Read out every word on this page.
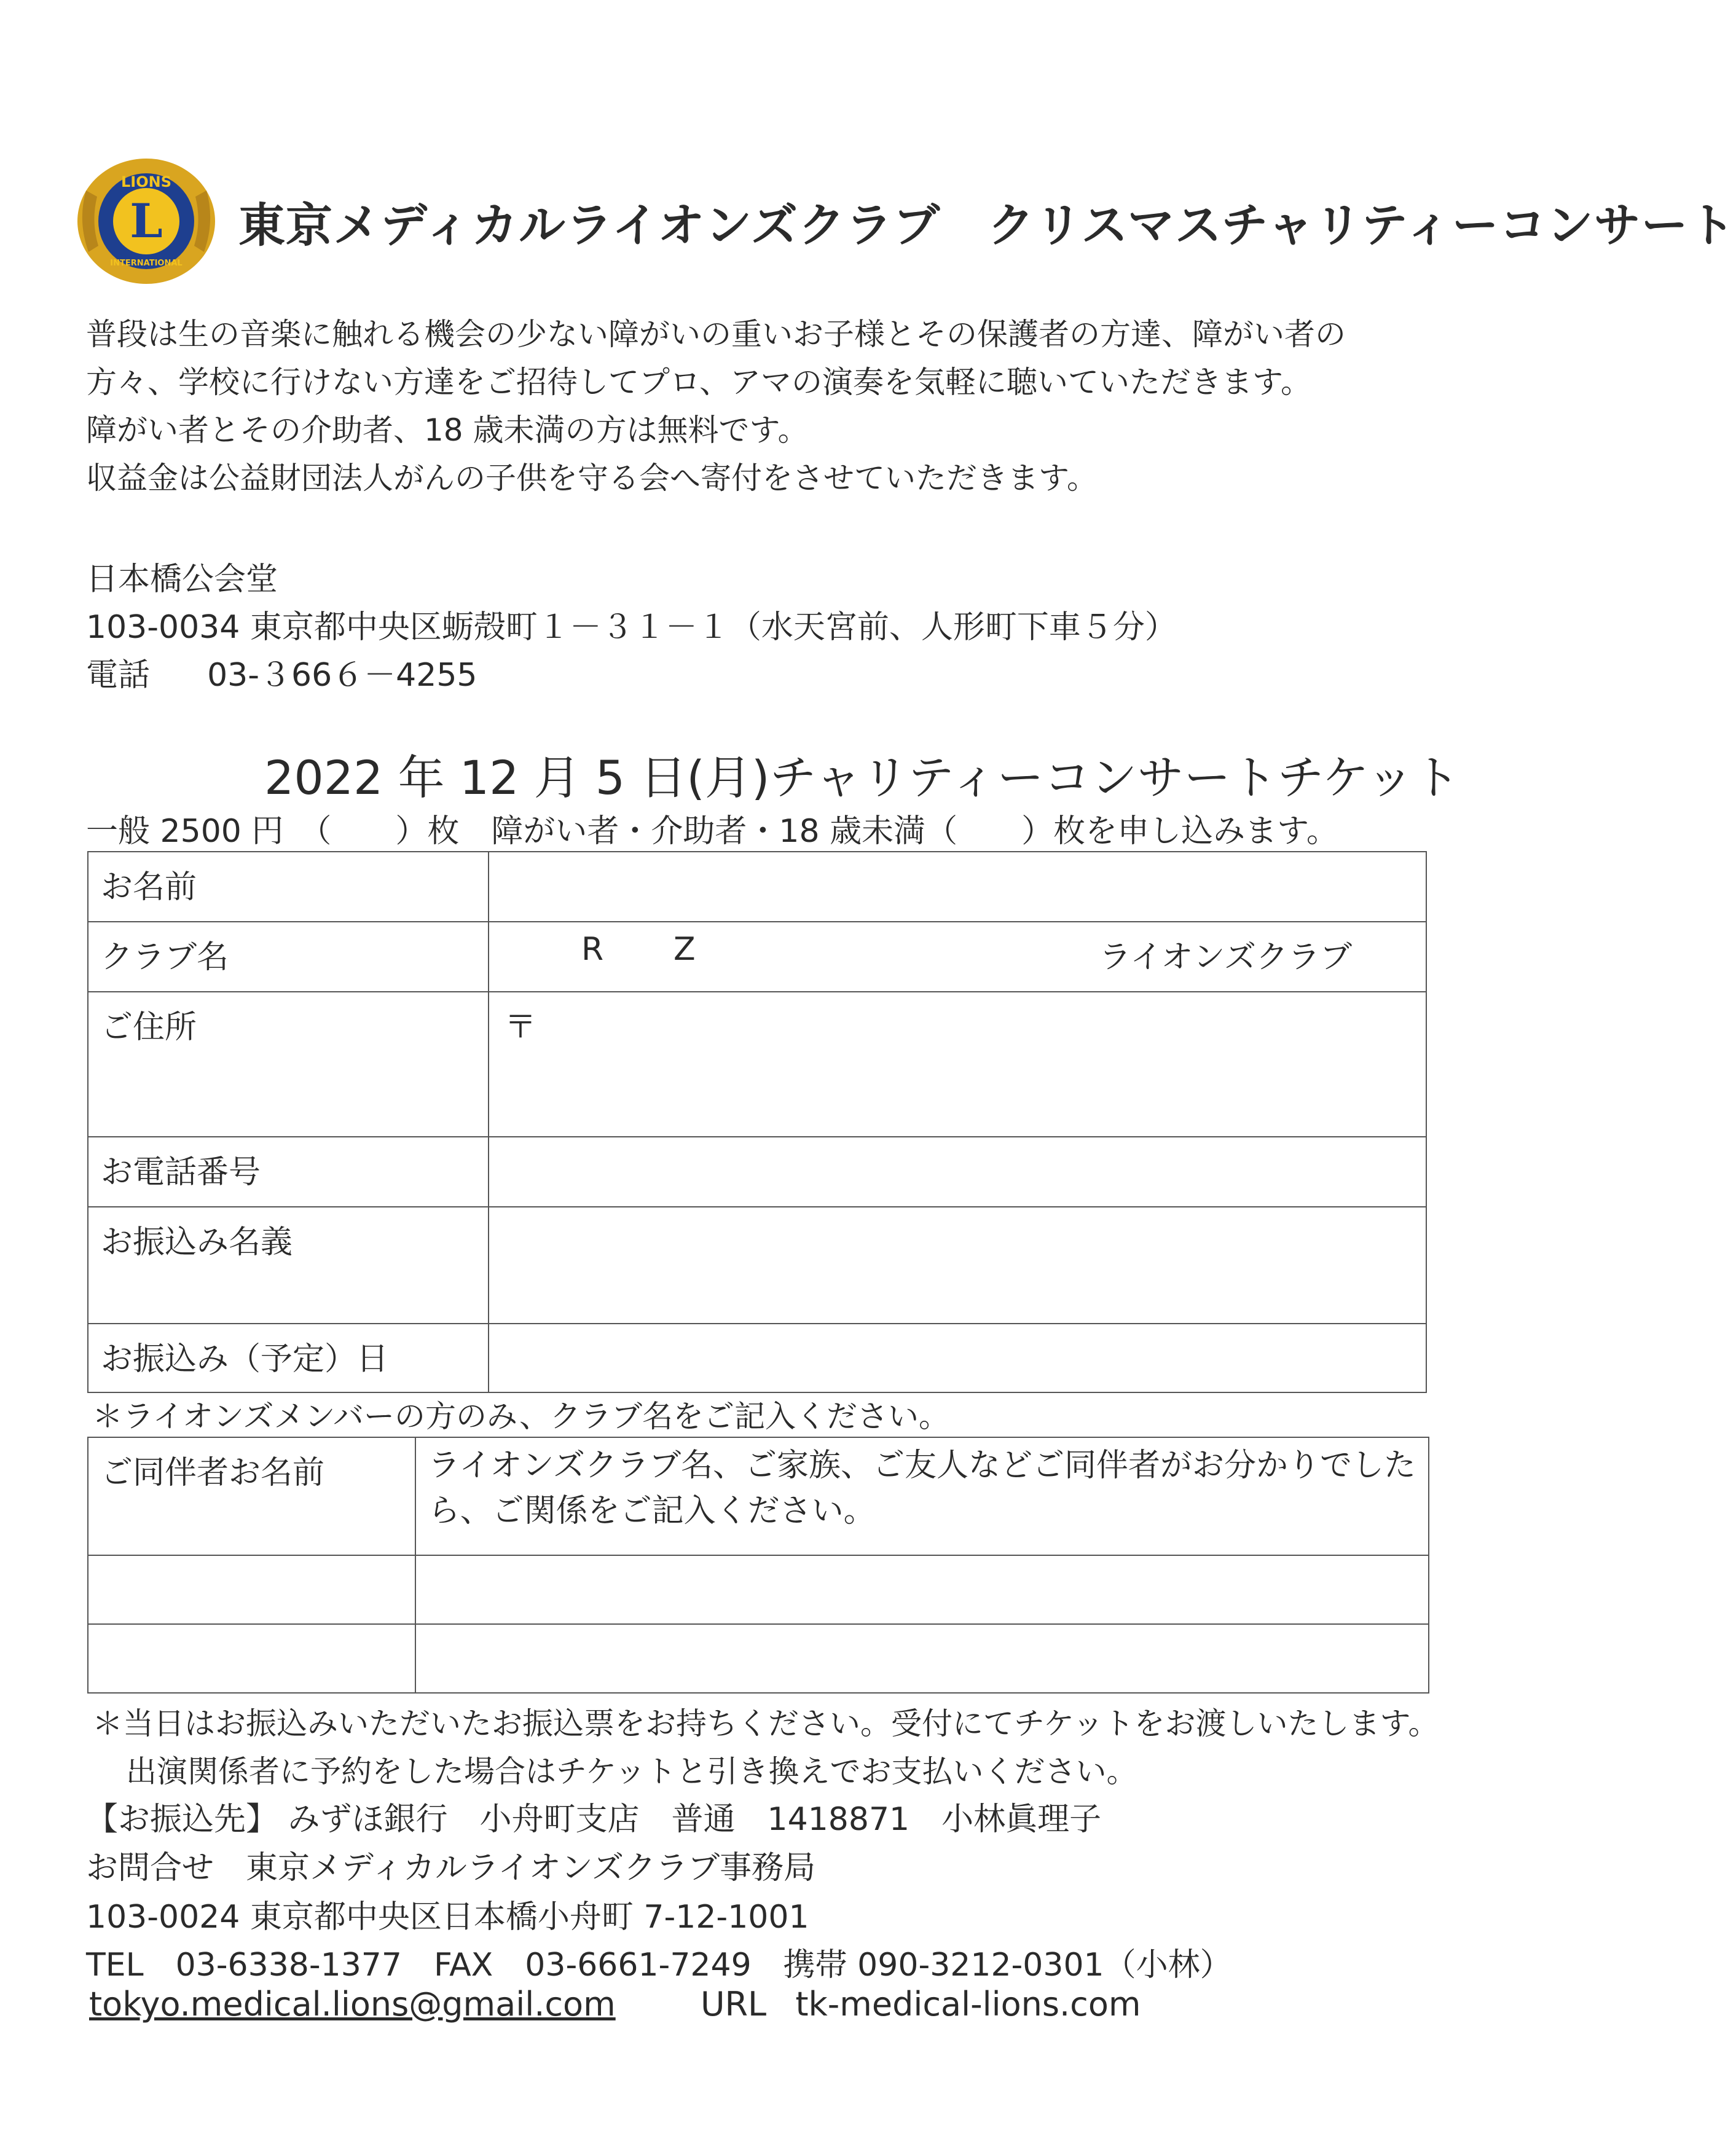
L
LIONS
INTERNATIONAL
東京メディカルライオンズクラブ　クリスマスチャリティーコンサート
普段は生の音楽に触れる機会の少ない障がいの重いお子様とその保護者の方達、障がい者の
方々、学校に行けない方達をご招待してプロ、アマの演奏を気軽に聴いていただきます。
障がい者とその介助者、18 歳未満の方は無料です。
収益金は公益財団法人がんの子供を守る会へ寄付をさせていただきます。
日本橋公会堂
103-0034 東京都中央区蛎殻町１－３１－１（水天宮前、人形町下車５分）
電話 03-３66６－4255
2022 年 12 月 5 日(月)チャリティーコンサートチケット
一般 2500 円　（　　）枚　障がい者・介助者・18 歳未満（　　）枚を申し込みます。
お名前	
クラブ名	R Z ライオンズクラブ

ご住所	〒
お電話番号	
お振込み名義	
お振込み（予定）日	
＊ライオンズメンバーの方のみ、クラブ名をご記入ください。
ご同伴者お名前	ライオンズクラブ名、ご家族、ご友人などご同伴者がお分かりでした
ら、ご関係をご記入ください。

＊当日はお振込みいただいたお振込票をお持ちください。受付にてチケットをお渡しいたします。
出演関係者に予約をした場合はチケットと引き換えでお支払いください。
【お振込先】 みずほ銀行　小舟町支店　普通　1418871　小林眞理子
お問合せ　東京メディカルライオンズクラブ事務局
103-0024 東京都中央区日本橋小舟町 7-12-1001
TEL　03-6338-1377　FAX　03-6661-7249　携帯 090-3212-0301（小林）
tokyo.medical.lions@gmail.com	URL tk-medical-lions.com
